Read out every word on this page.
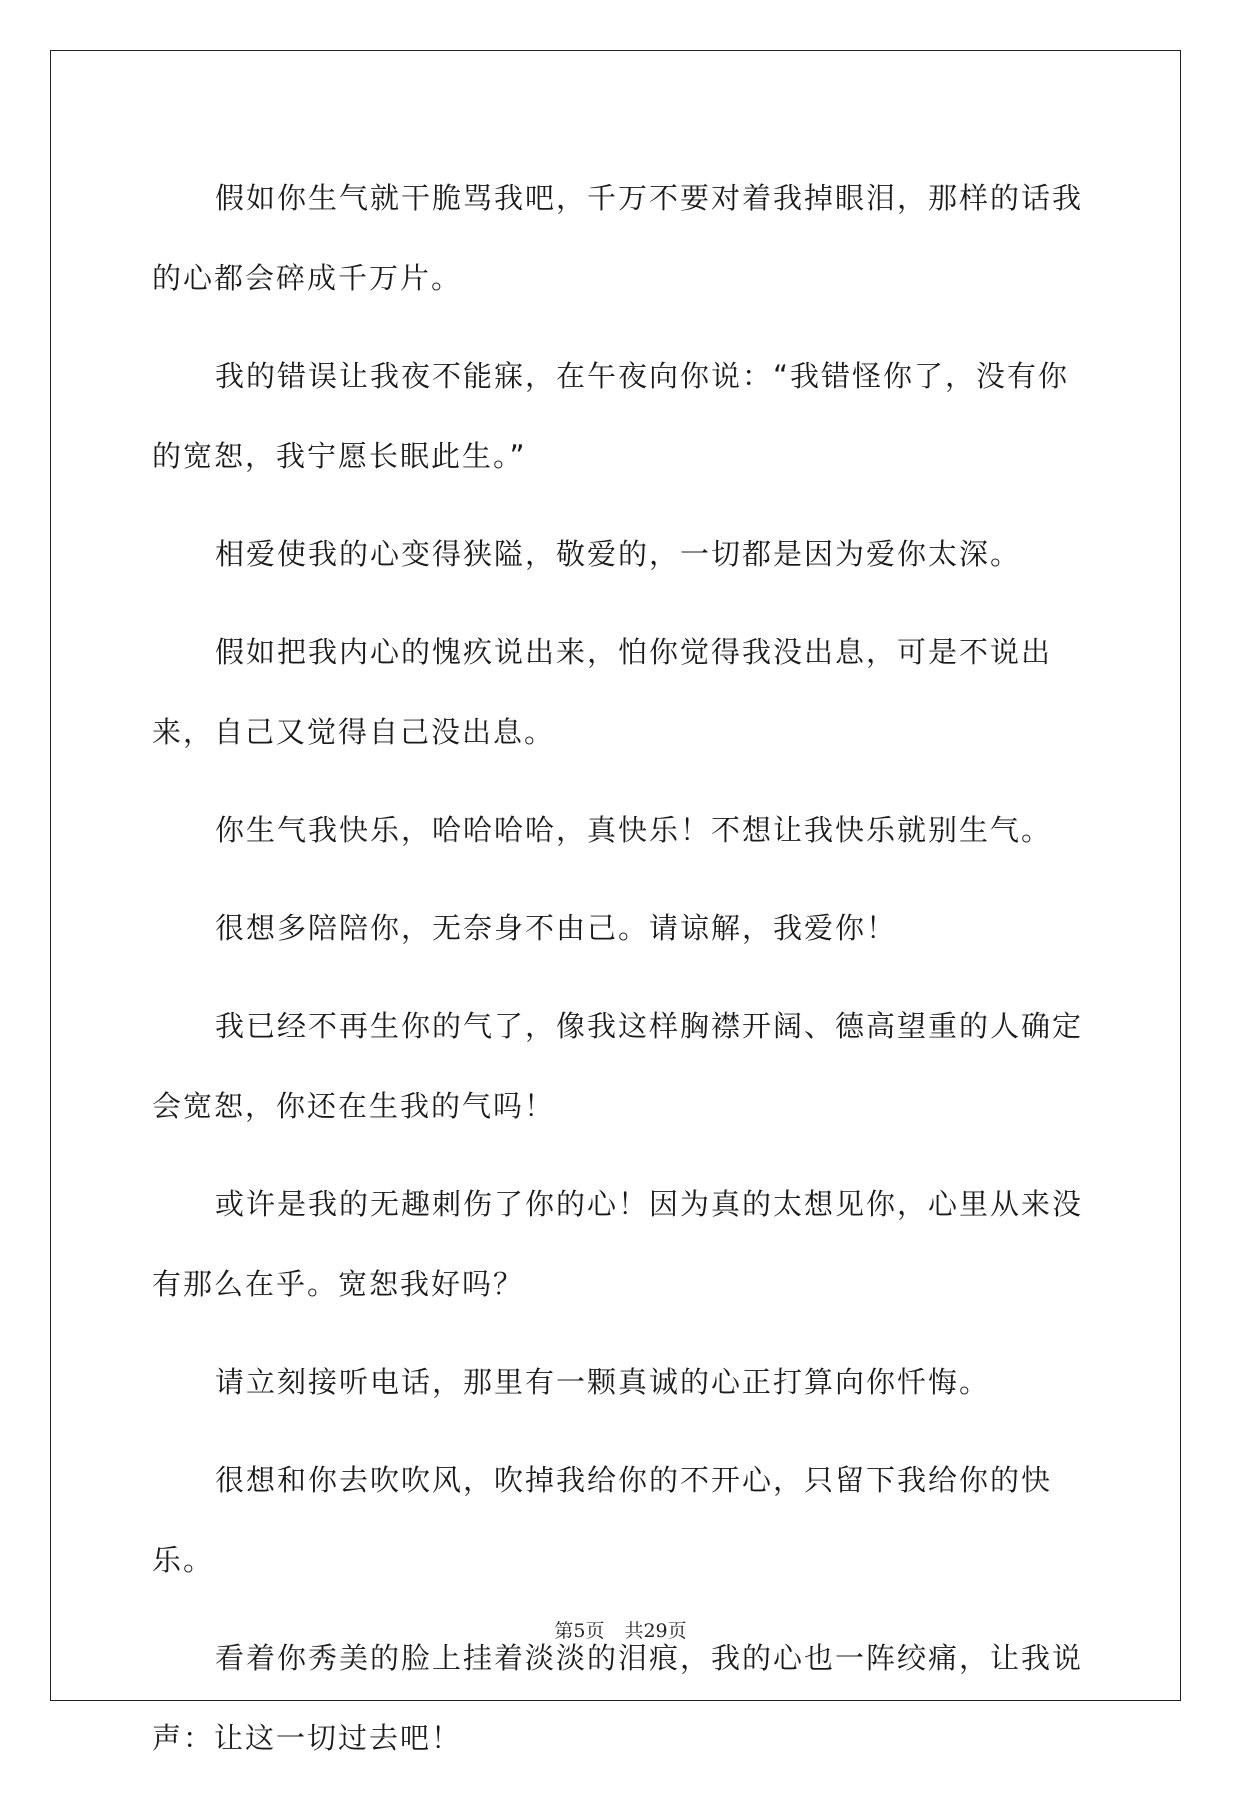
假如你生气就干脆骂我吧，千万不要对着我掉眼泪，那样的话我的心都会碎成千万片。

我的错误让我夜不能寐，在午夜向你说：“我错怪你了，没有你的宽恕，我宁愿长眠此生。”

相爱使我的心变得狭隘，敬爱的，一切都是因为爱你太深。

假如把我内心的愧疚说出来，怕你觉得我没出息，可是不说出来，自己又觉得自己没出息。

你生气我快乐，哈哈哈哈，真快乐！不想让我快乐就别生气。

很想多陪陪你，无奈身不由己。请谅解，我爱你！

我已经不再生你的气了，像我这样胸襟开阔、德高望重的人确定会宽恕，你还在生我的气吗！

或许是我的无趣刺伤了你的心！因为真的太想见你，心里从来没有那么在乎。宽恕我好吗？

请立刻接听电话，那里有一颗真诚的心正打算向你忏悔。

很想和你去吹吹风，吹掉我给你的不开心，只留下我给你的快乐。

看着你秀美的脸上挂着淡淡的泪痕，我的心也一阵绞痛，让我说声：让这一切过去吧！

第5页 共29页
